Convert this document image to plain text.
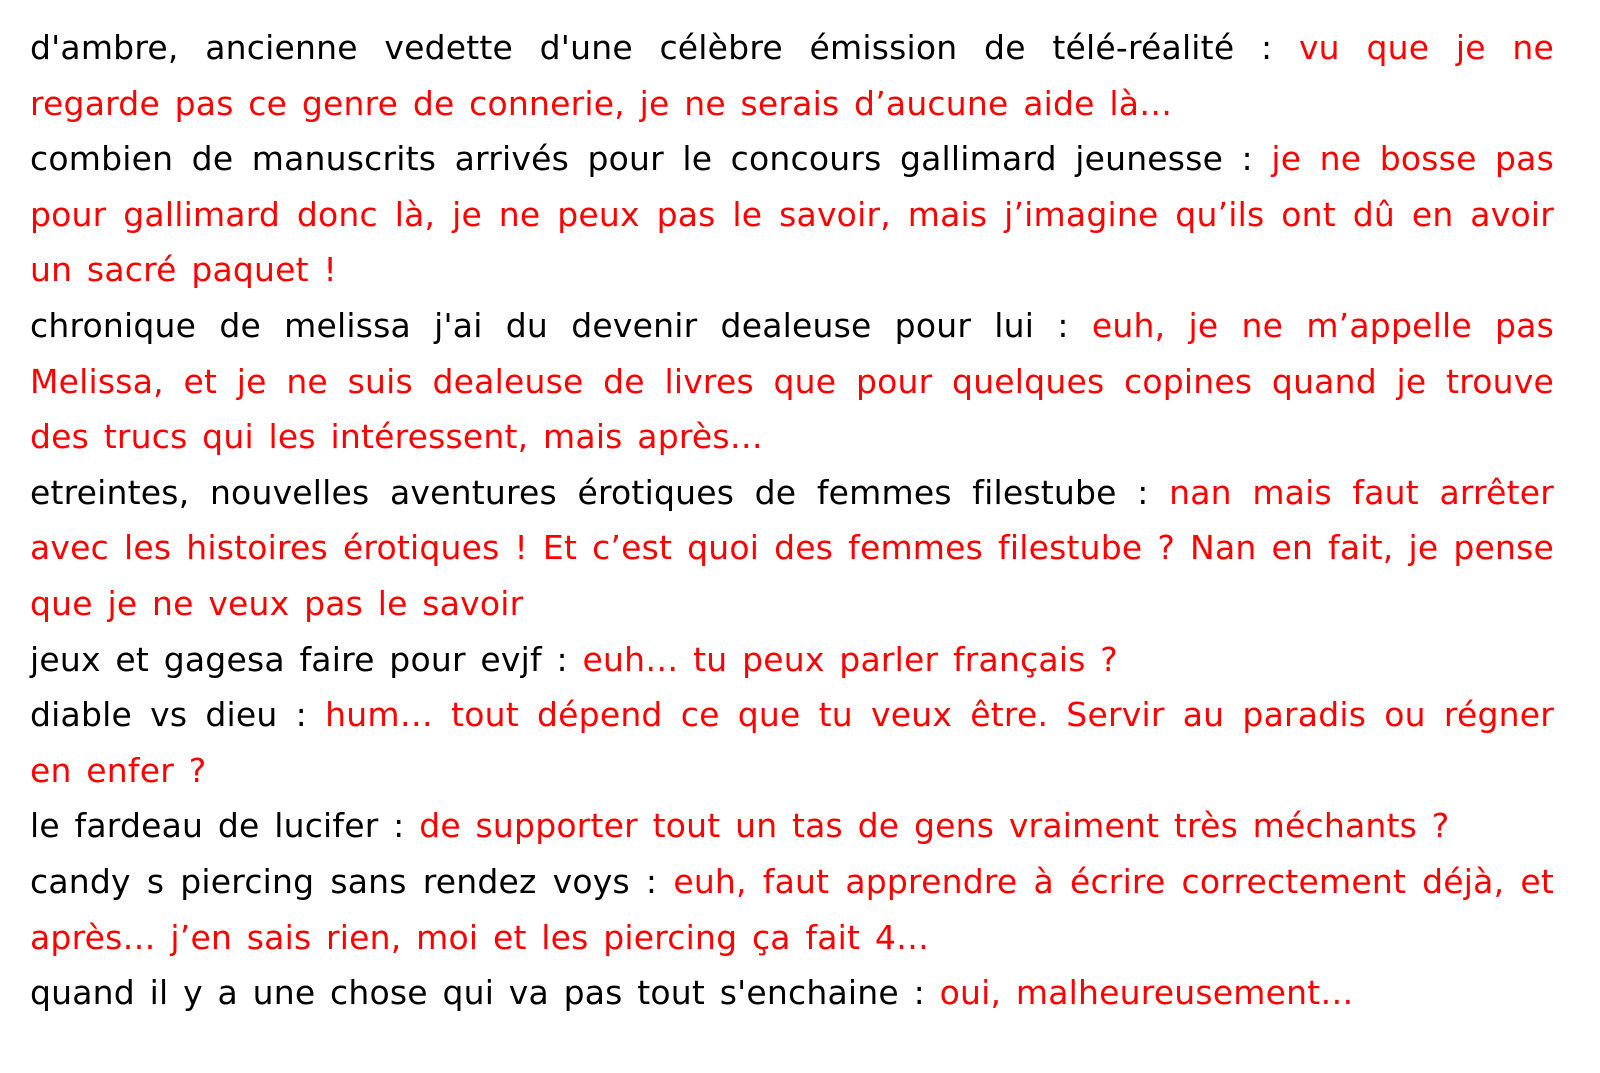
d'ambre, ancienne vedette d'une célèbre émission de télé-réalité : vu que je ne regarde pas ce genre de connerie, je ne serais d’aucune aide là…

combien de manuscrits arrivés pour le concours gallimard jeunesse : je ne bosse pas pour gallimard donc là, je ne peux pas le savoir, mais j’imagine qu’ils ont dû en avoir un sacré paquet !

chronique de melissa j'ai du devenir dealeuse pour lui : euh, je ne m’appelle pas Melissa, et je ne suis dealeuse de livres que pour quelques copines quand je trouve des trucs qui les intéressent, mais après…

etreintes, nouvelles aventures érotiques de femmes filestube : nan mais faut arrêter avec les histoires érotiques ! Et c’est quoi des femmes filestube ? Nan en fait, je pense que je ne veux pas le savoir

jeux et gagesa faire pour evjf : euh… tu peux parler français ?

diable vs dieu : hum… tout dépend ce que tu veux être. Servir au paradis ou régner en enfer ?

le fardeau de lucifer : de supporter tout un tas de gens vraiment très méchants ?

candy s piercing sans rendez voys : euh, faut apprendre à écrire correctement déjà, et après… j’en sais rien, moi et les piercing ça fait 4…

quand il y a une chose qui va pas tout s'enchaine : oui, malheureusement…
